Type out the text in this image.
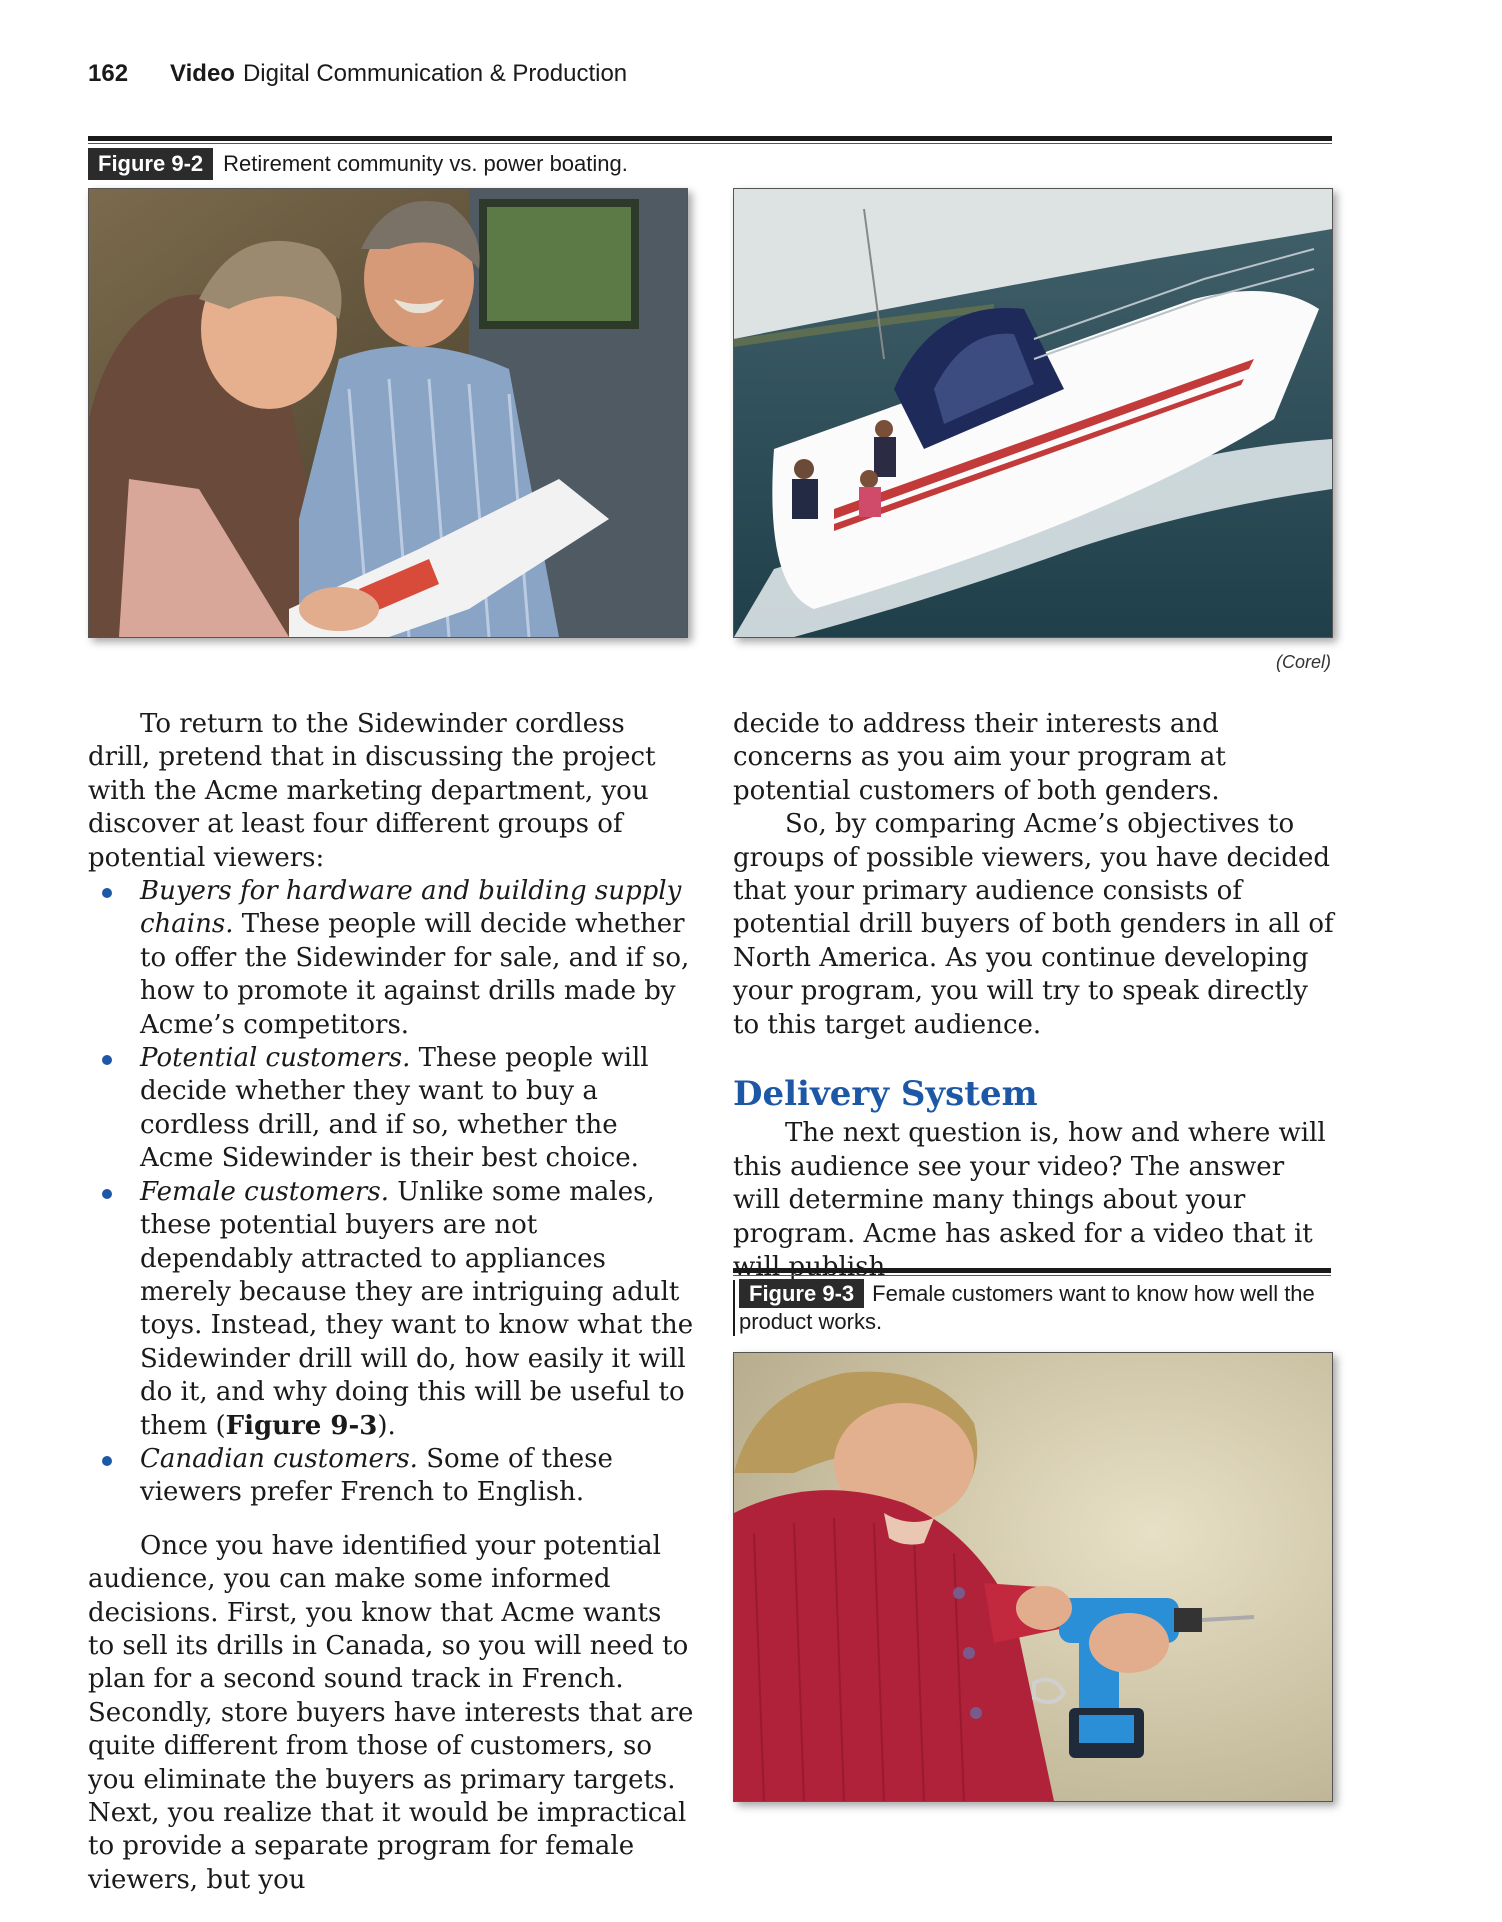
162 Video Digital Communication & Production
Figure 9-2 Retirement community vs. power boating.
(Corel)

To return to the Sidewinder cordless drill, pretend that in discussing the project with the Acme marketing department, you discover at least four different groups of potential viewers:

Buyers for hardware and building supply chains. These people will decide whether to offer the Sidewinder for sale, and if so, how to promote it against drills made by Acme’s competitors.
Potential customers. These people will decide whether they want to buy a cordless drill, and if so, whether the Acme Sidewinder is their best choice.
Female customers. Unlike some males, these potential buyers are not dependably attracted to appliances merely because they are intriguing adult toys. Instead, they want to know what the Sidewinder drill will do, how easily it will do it, and why doing this will be useful to them (Figure 9-3).
Canadian customers. Some of these viewers prefer French to English.

Once you have identified your potential audience, you can make some informed decisions. First, you know that Acme wants to sell its drills in Canada, so you will need to plan for a second sound track in French. Secondly, store buyers have interests that are quite different from those of customers, so you eliminate the buyers as primary targets. Next, you realize that it would be impractical to provide a separate program for female viewers, but you

decide to address their interests and concerns as you aim your program at potential customers of both genders.

So, by comparing Acme’s objectives to groups of possible viewers, you have decided that your primary audience consists of potential drill buyers of both genders in all of North America. As you continue developing your program, you will try to speak directly to this target audience.

Delivery System

The next question is, how and where will this audience see your video? The answer will determine many things about your program. Acme has asked for a video that it

Figure 9-3 Female customers want to know how well the product works.
